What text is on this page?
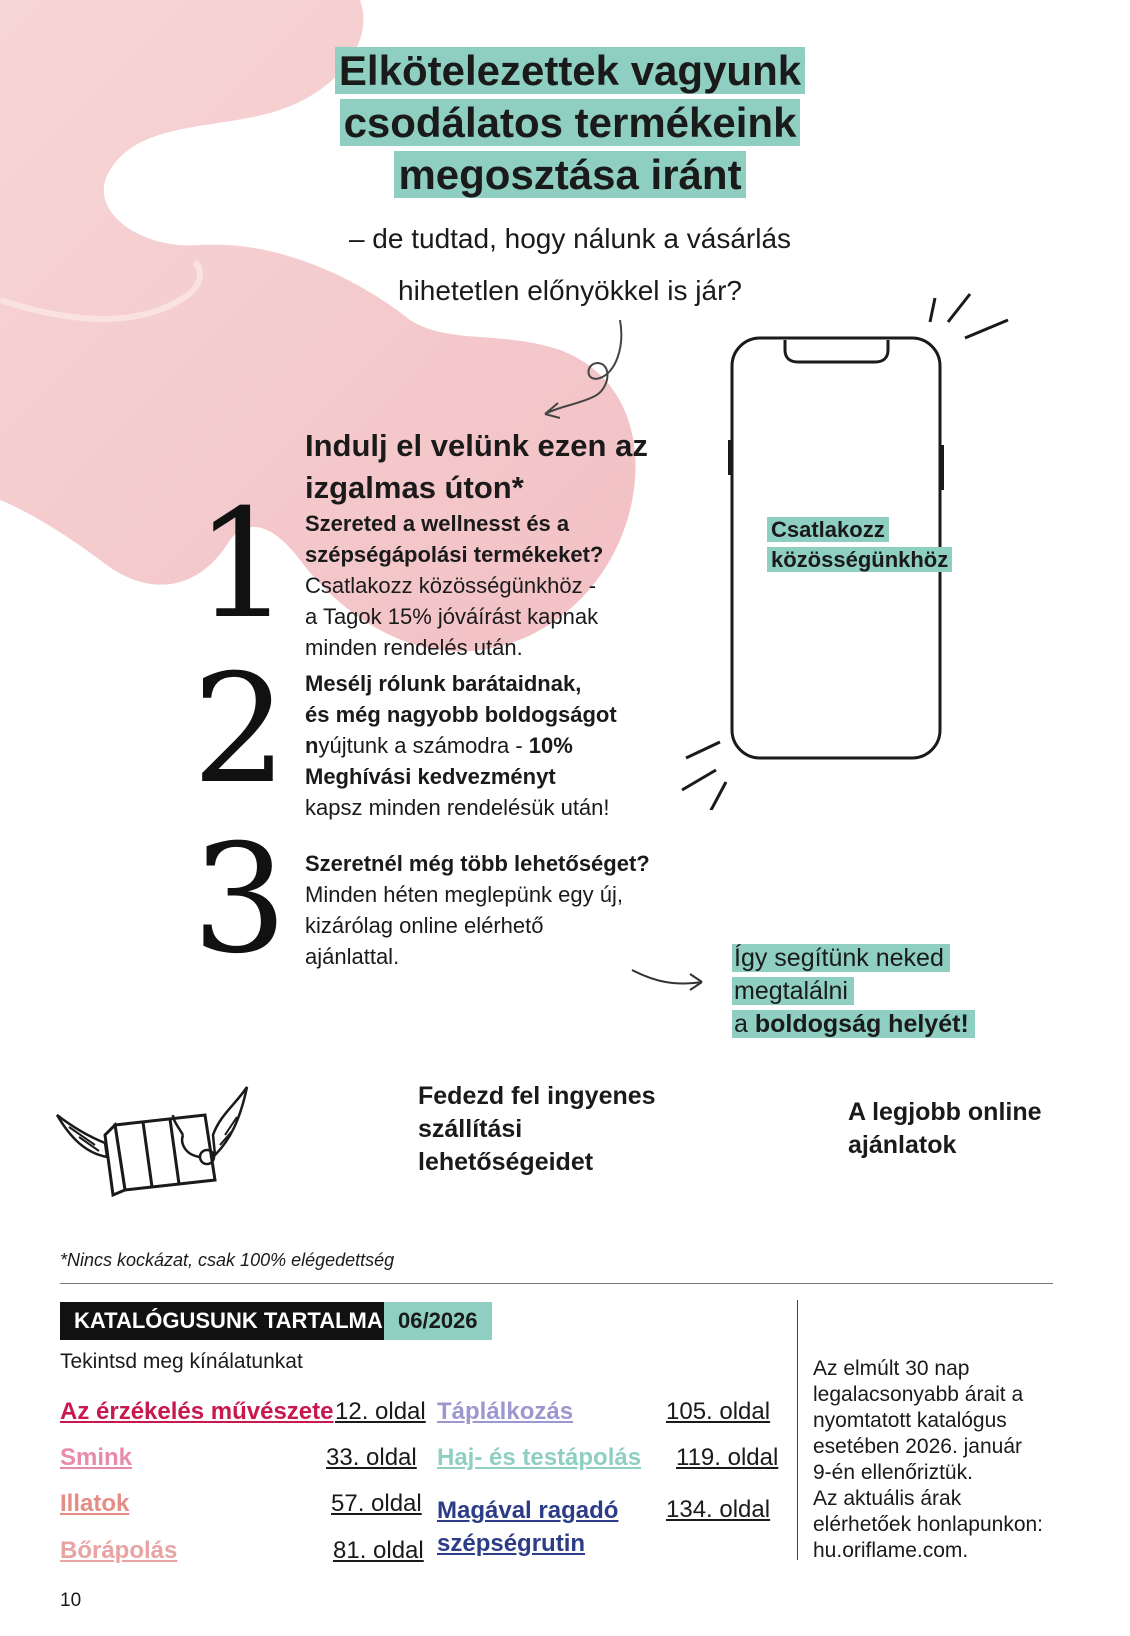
Elkötelezettek vagyunk
csodálatos termékeink
megosztása iránt
– de tudtad, hogy nálunk a vásárlás
hihetetlen előnyökkel is jár?
Indulj el velünk ezen az
izgalmas úton*
1
2
3
Szereted a wellnesst és a
szépségápolási termékeket?
Csatlakozz közösségünkhöz -
a Tagok 15% jóváírást kapnak
minden rendelés után.
Mesélj rólunk barátaidnak,
és még nagyobb boldogságot
nyújtunk a számodra - 10%
Meghívási kedvezményt
kapsz minden rendelésük után!
Szeretnél még több lehetőséget?
Minden héten meglepünk egy új,
kizárólag online elérhető
ajánlattal.
Csatlakozz
közösségünkhöz
Így segítünk neked
megtalálni
a boldogság helyét!
Fedezd fel ingyenes
szállítási
lehetőségeidet
A legjobb online
ajánlatok
*Nincs kockázat, csak 100% elégedettség
KATALÓGUSUNK TARTALMA 06/2026
Tekintsd meg kínálatunkat
Az érzékelés művészete 12. oldal
Smink	33. oldal
Illatok	57. oldal
Bőrápolás	81. oldal
Táplálkozás	105. oldal
Haj- és testápolás 119. oldal
Magával ragadó
szépségrutin
134. oldal
Az elmúlt 30 nap
legalacsonyabb árait a
nyomtatott katalógus
esetében 2026. január
9-én ellenőriztük.
Az aktuális árak
elérhetőek honlapunkon:
hu.oriflame.com.
10
